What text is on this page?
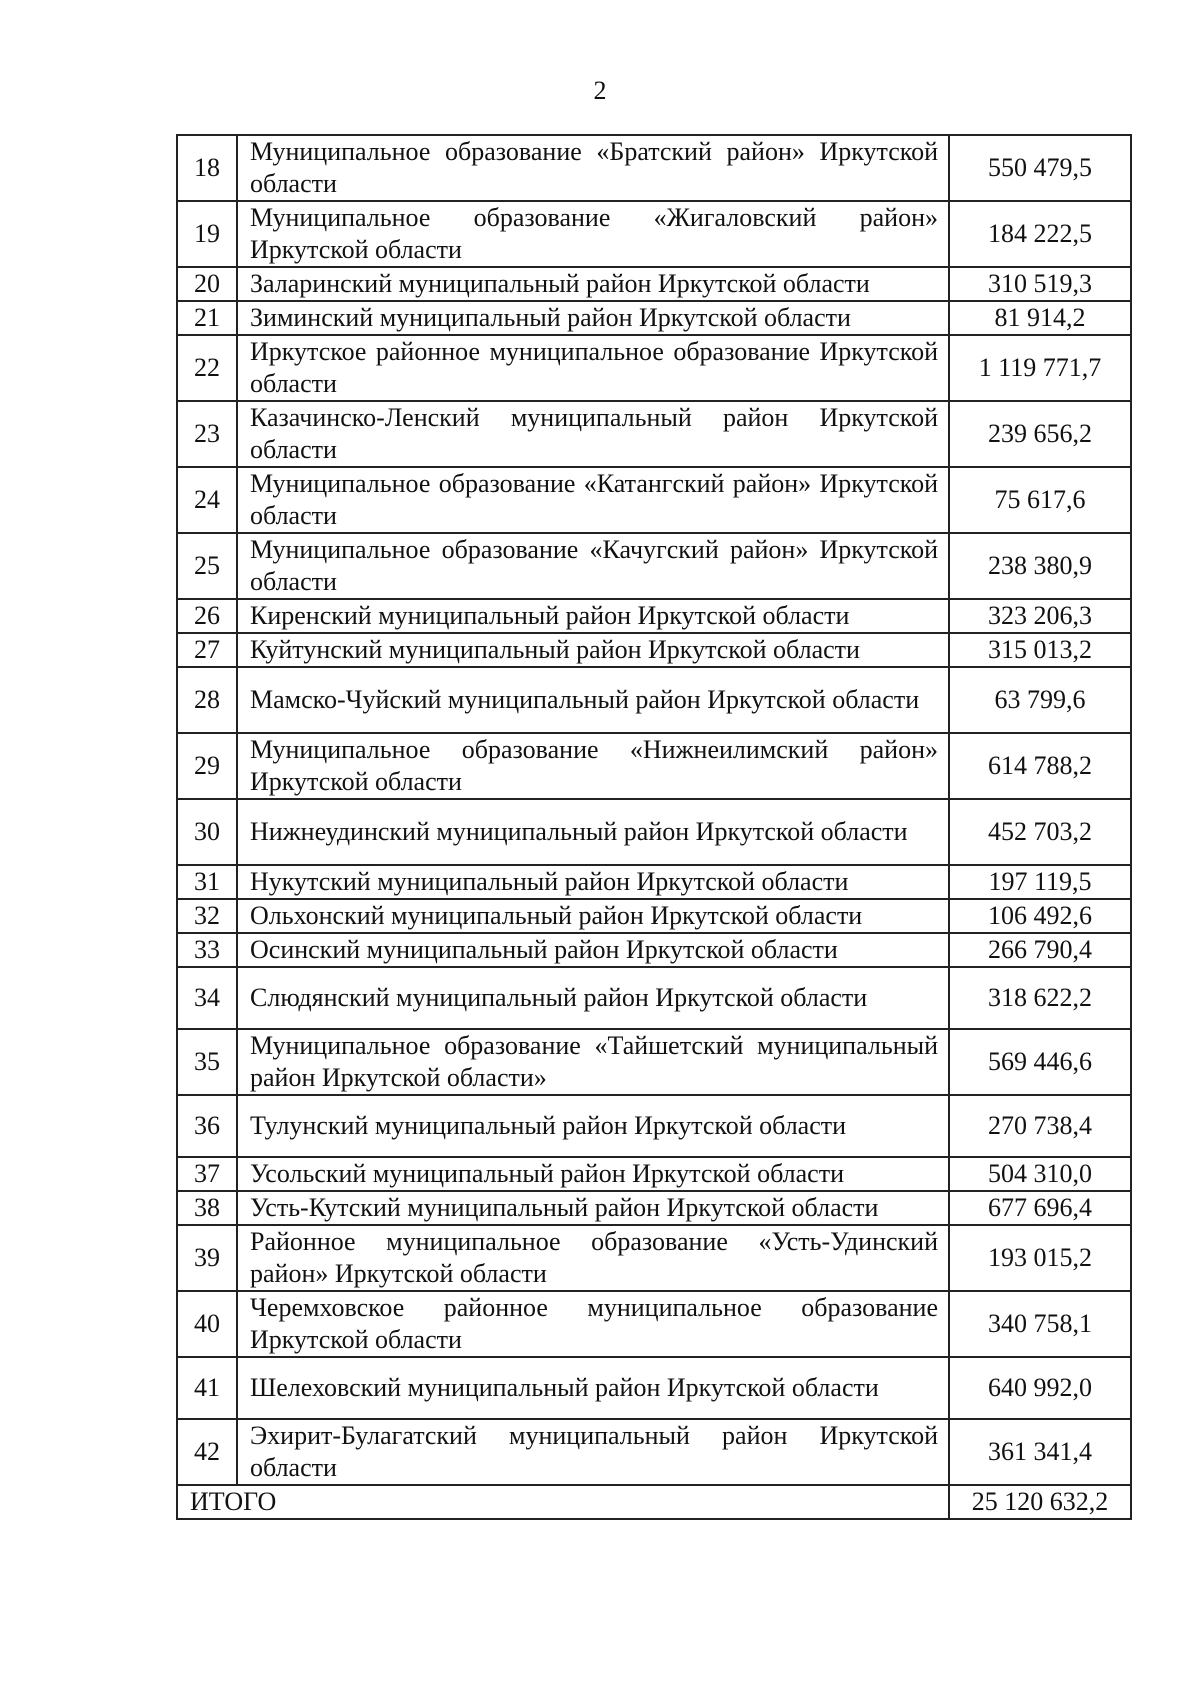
2
18	Муниципальное образование «Братский район» Иркутской области	550 479,5
19	Муниципальное образование «Жигаловский район» Иркутской области	184 222,5
20	Заларинский муниципальный район Иркутской области	310 519,3
21	Зиминский муниципальный район Иркутской области	81 914,2
22	Иркутское районное муниципальное образование Иркутской области	1 119 771,7
23	Казачинско-Ленский муниципальный район Иркутской области	239 656,2
24	Муниципальное образование «Катангский район» Иркутской области	75 617,6
25	Муниципальное образование «Качугский район» Иркутской области	238 380,9
26	Киренский муниципальный район Иркутской области	323 206,3
27	Куйтунский муниципальный район Иркутской области	315 013,2
28	Мамско-Чуйский муниципальный район Иркутской области	63 799,6
29	Муниципальное образование «Нижнеилимский район» Иркутской области	614 788,2
30	Нижнеудинский муниципальный район Иркутской области	452 703,2
31	Нукутский муниципальный район Иркутской области	197 119,5
32	Ольхонский муниципальный район Иркутской области	106 492,6
33	Осинский муниципальный район Иркутской области	266 790,4
34	Слюдянский муниципальный район Иркутской области	318 622,2
35	Муниципальное образование «Тайшетский муниципальный район Иркутской области»	569 446,6
36	Тулунский муниципальный район Иркутской области	270 738,4
37	Усольский муниципальный район Иркутской области	504 310,0
38	Усть-Кутский муниципальный район Иркутской области	677 696,4
39	Районное муниципальное образование «Усть-Удинский район» Иркутской области	193 015,2
40	Черемховское районное муниципальное образование Иркутской области	340 758,1
41	Шелеховский муниципальный район Иркутской области	640 992,0
42	Эхирит-Булагатский муниципальный район Иркутской области	361 341,4
ИТОГО		25 120 632,2
